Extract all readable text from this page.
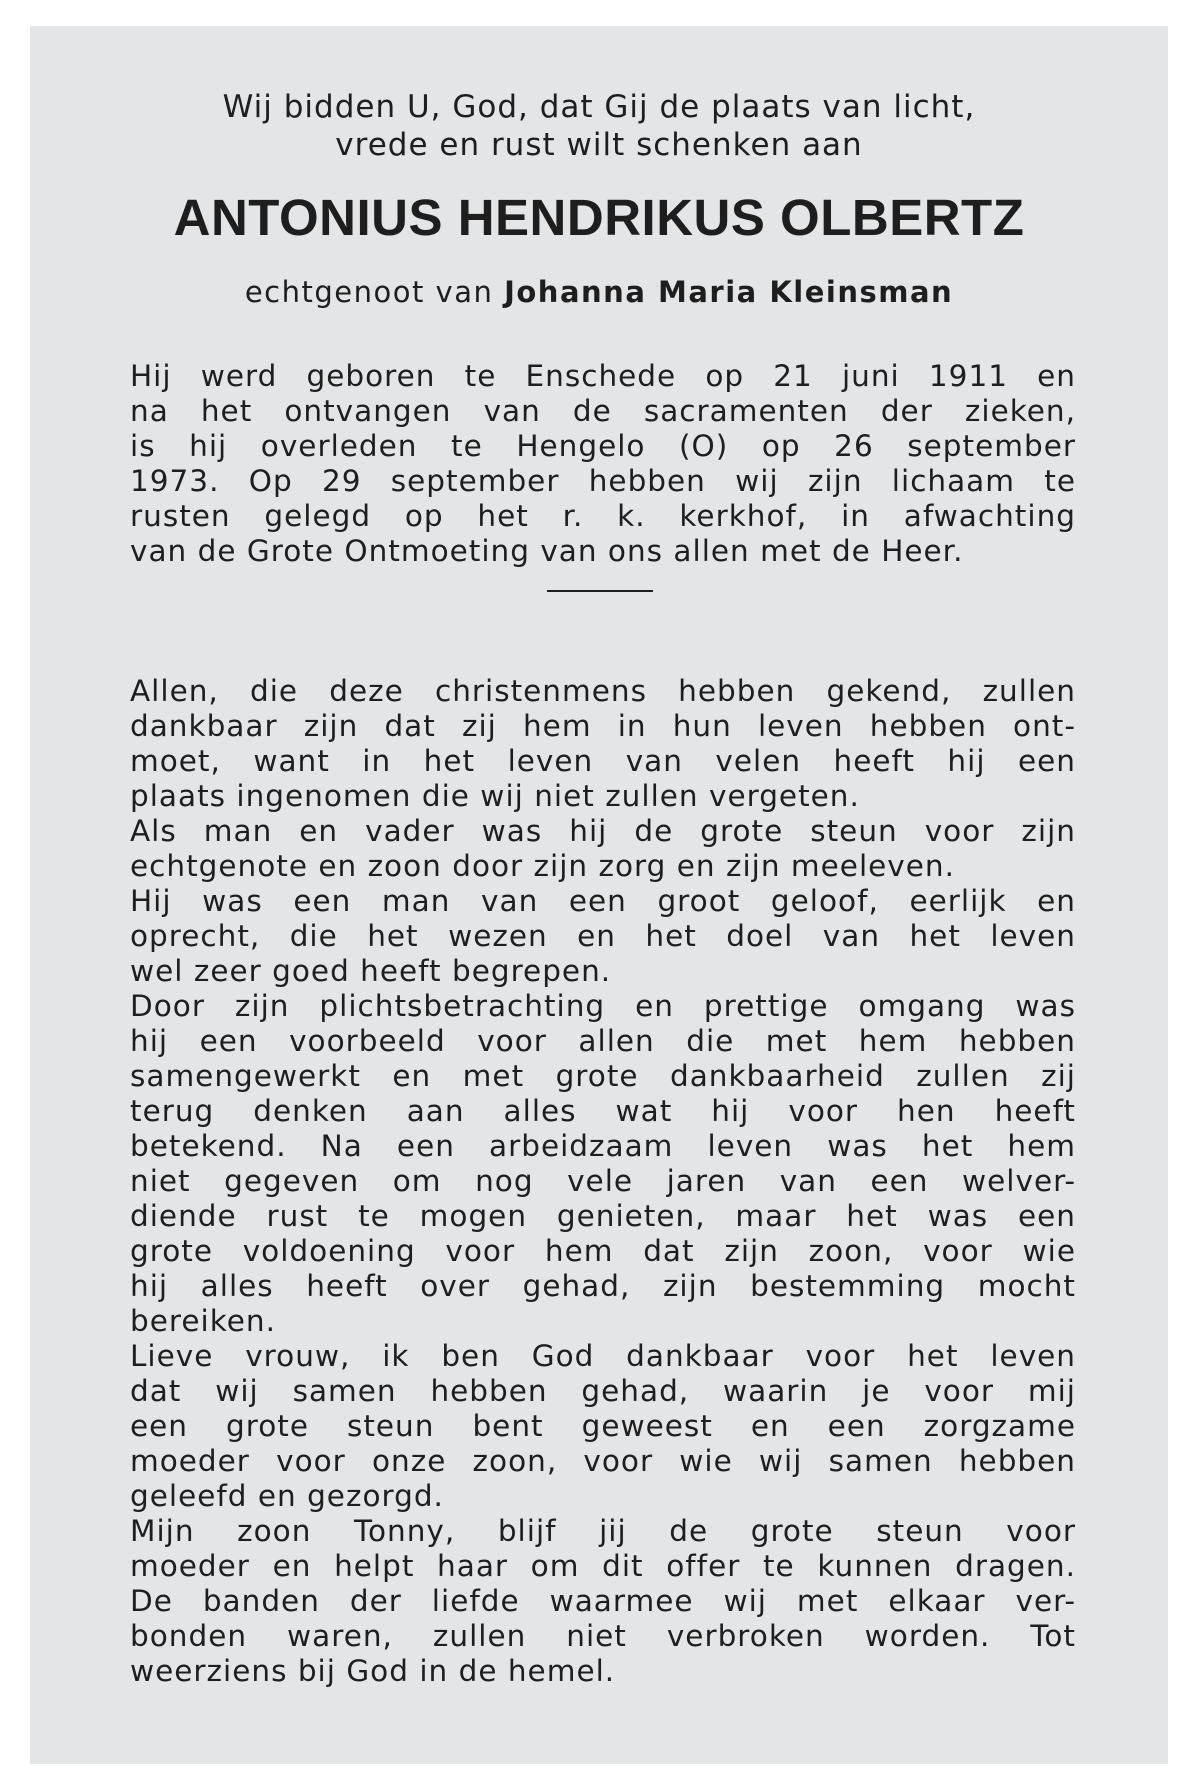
Wij bidden U, God, dat Gij de plaats van licht,
vrede en rust wilt schenken aan
ANTONIUS HENDRIKUS OLBERTZ
echtgenoot van Johanna Maria Kleinsman
Hij werd geboren te Enschede op 21 juni 1911 en
na het ontvangen van de sacramenten der zieken,
is hij overleden te Hengelo (O) op 26 september
1973. Op 29 september hebben wij zijn lichaam te
rusten gelegd op het r. k. kerkhof, in afwachting
van de Grote Ontmoeting van ons allen met de Heer.
Allen, die deze christenmens hebben gekend, zullen
dankbaar zijn dat zij hem in hun leven hebben ont-
moet, want in het leven van velen heeft hij een
plaats ingenomen die wij niet zullen vergeten.
Als man en vader was hij de grote steun voor zijn
echtgenote en zoon door zijn zorg en zijn meeleven.
Hij was een man van een groot geloof, eerlijk en
oprecht, die het wezen en het doel van het leven
wel zeer goed heeft begrepen.
Door zijn plichtsbetrachting en prettige omgang was
hij een voorbeeld voor allen die met hem hebben
samengewerkt en met grote dankbaarheid zullen zij
terug denken aan alles wat hij voor hen heeft
betekend. Na een arbeidzaam leven was het hem
niet gegeven om nog vele jaren van een welver-
diende rust te mogen genieten, maar het was een
grote voldoening voor hem dat zijn zoon, voor wie
hij alles heeft over gehad, zijn bestemming mocht
bereiken.
Lieve vrouw, ik ben God dankbaar voor het leven
dat wij samen hebben gehad, waarin je voor mij
een grote steun bent geweest en een zorgzame
moeder voor onze zoon, voor wie wij samen hebben
geleefd en gezorgd.
Mijn zoon Tonny, blijf jij de grote steun voor
moeder en helpt haar om dit offer te kunnen dragen.
De banden der liefde waarmee wij met elkaar ver-
bonden waren, zullen niet verbroken worden. Tot
weerziens bij God in de hemel.
